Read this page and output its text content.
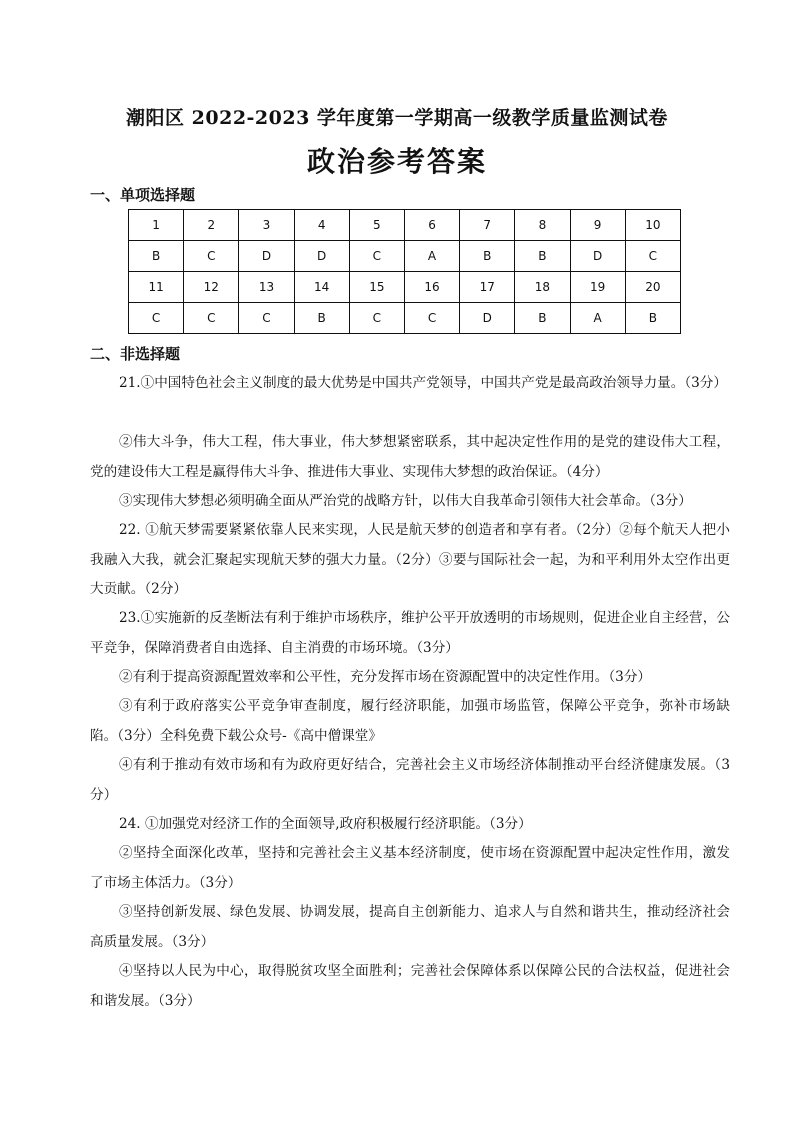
潮阳区 2022-2023 学年度第一学期高一级教学质量监测试卷
政治参考答案
一、单项选择题
1	2	3	4	5	6	7	8	9	10
B	C	D	D	C	A	B	B	D	C
11	12	13	14	15	16	17	18	19	20
C	C	C	B	C	C	D	B	A	B
二、非选择题

21.①中国特色社会主义制度的最大优势是中国共产党领导，中国共产党是最高政治领导力量。（3分）

②伟大斗争，伟大工程，伟大事业，伟大梦想紧密联系，其中起决定性作用的是党的建设伟大工程，党的建设伟大工程是赢得伟大斗争、推进伟大事业、实现伟大梦想的政治保证。（4分）

③实现伟大梦想必须明确全面从严治党的战略方针，以伟大自我革命引领伟大社会革命。（3分）

22. ①航天梦需要紧紧依靠人民来实现，人民是航天梦的创造者和享有者。（2分）②每个航天人把小我融入大我，就会汇聚起实现航天梦的强大力量。（2分）③要与国际社会一起，为和平利用外太空作出更大贡献。（2分）

23.①实施新的反垄断法有利于维护市场秩序，维护公平开放透明的市场规则，促进企业自主经营，公平竞争，保障消费者自由选择、自主消费的市场环境。（3分）

②有利于提高资源配置效率和公平性，充分发挥市场在资源配置中的决定性作用。（3分）

③有利于政府落实公平竞争审查制度，履行经济职能，加强市场监管，保障公平竞争，弥补市场缺陷。（3分）全科免费下载公众号-《高中僧课堂》

④有利于推动有效市场和有为政府更好结合，完善社会主义市场经济体制推动平台经济健康发展。（3分）

24. ①加强党对经济工作的全面领导,政府积极履行经济职能。（3分）

②坚持全面深化改革，坚持和完善社会主义基本经济制度，使市场在资源配置中起决定性作用，激发了市场主体活力。（3分）

③坚持创新发展、绿色发展、协调发展，提高自主创新能力、追求人与自然和谐共生，推动经济社会高质量发展。（3分）

④坚持以人民为中心，取得脱贫攻坚全面胜利；完善社会保障体系以保障公民的合法权益，促进社会和谐发展。（3分）
